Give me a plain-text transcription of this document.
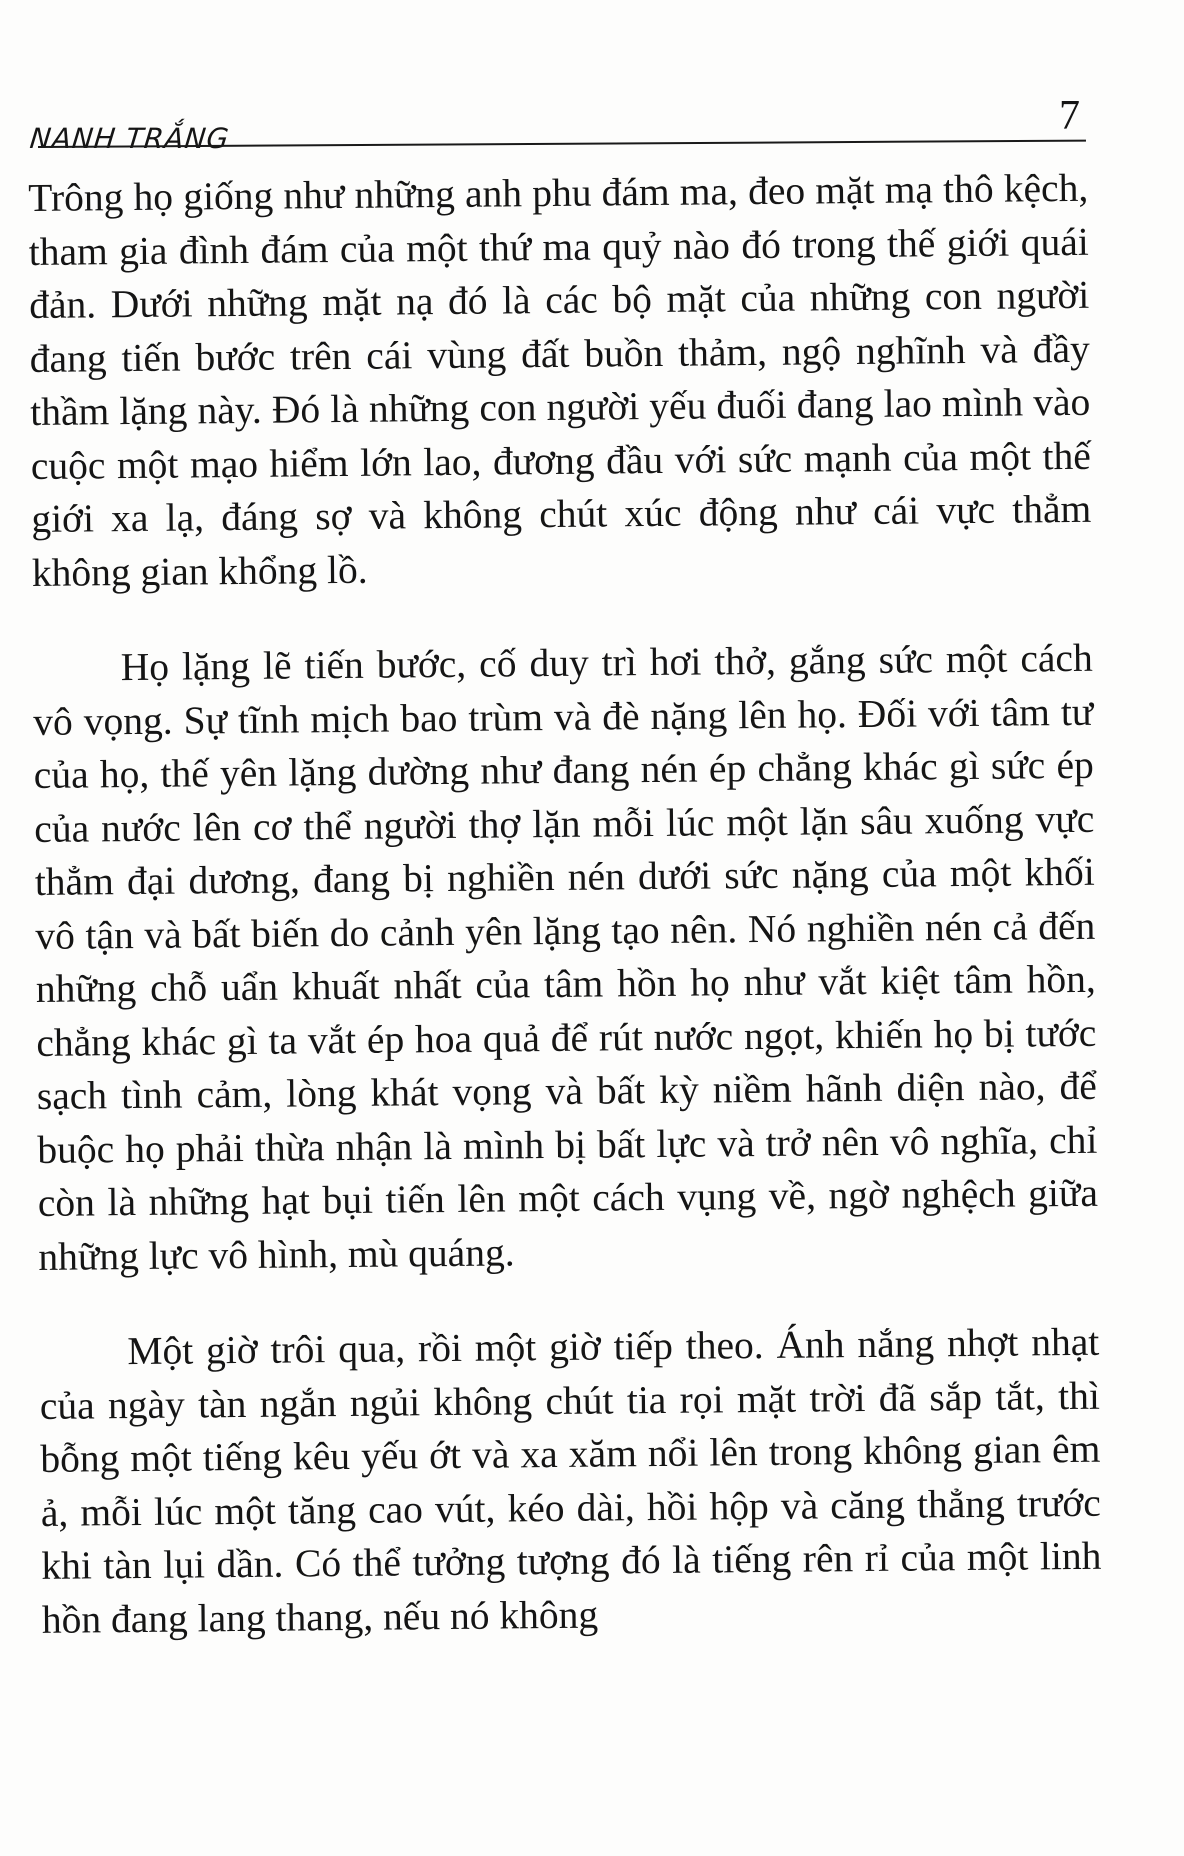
NANH TRẮNG	7

Trông họ giống như những anh phu đám ma, đeo mặt mạ thô kệch, tham gia đình đám của một thứ ma quỷ nào đó trong thế giới quái đản. Dưới những mặt nạ đó là các bộ mặt của những con người đang tiến bước trên cái vùng đất buồn thảm, ngộ nghĩnh và đầy thầm lặng này. Đó là những con người yếu đuối đang lao mình vào cuộc một mạo hiểm lớn lao, đương đầu với sức mạnh của một thế giới xa lạ, đáng sợ và không chút xúc động như cái vực thẳm không gian khổng lồ.

Họ lặng lẽ tiến bước, cố duy trì hơi thở, gắng sức một cách vô vọng. Sự tĩnh mịch bao trùm và đè nặng lên họ. Đối với tâm tư của họ, thế yên lặng dường như đang nén ép chẳng khác gì sức ép của nước lên cơ thể người thợ lặn mỗi lúc một lặn sâu xuống vực thẳm đại dương, đang bị nghiền nén dưới sức nặng của một khối vô tận và bất biến do cảnh yên lặng tạo nên. Nó nghiền nén cả đến những chỗ uẩn khuất nhất của tâm hồn họ như vắt kiệt tâm hồn, chẳng khác gì ta vắt ép hoa quả để rút nước ngọt, khiến họ bị tước sạch tình cảm, lòng khát vọng và bất kỳ niềm hãnh diện nào, để buộc họ phải thừa nhận là mình bị bất lực và trở nên vô nghĩa, chỉ còn là những hạt bụi tiến lên một cách vụng về, ngờ nghệch giữa những lực vô hình, mù quáng.

Một giờ trôi qua, rồi một giờ tiếp theo. Ánh nắng nhợt nhạt của ngày tàn ngắn ngủi không chút tia rọi mặt trời đã sắp tắt, thì bỗng một tiếng kêu yếu ớt và xa xăm nổi lên trong không gian êm ả, mỗi lúc một tăng cao vút, kéo dài, hồi hộp và căng thẳng trước khi tàn lụi dần. Có thể tưởng tượng đó là tiếng rên rỉ của một linh hồn đang lang thang, nếu nó không
